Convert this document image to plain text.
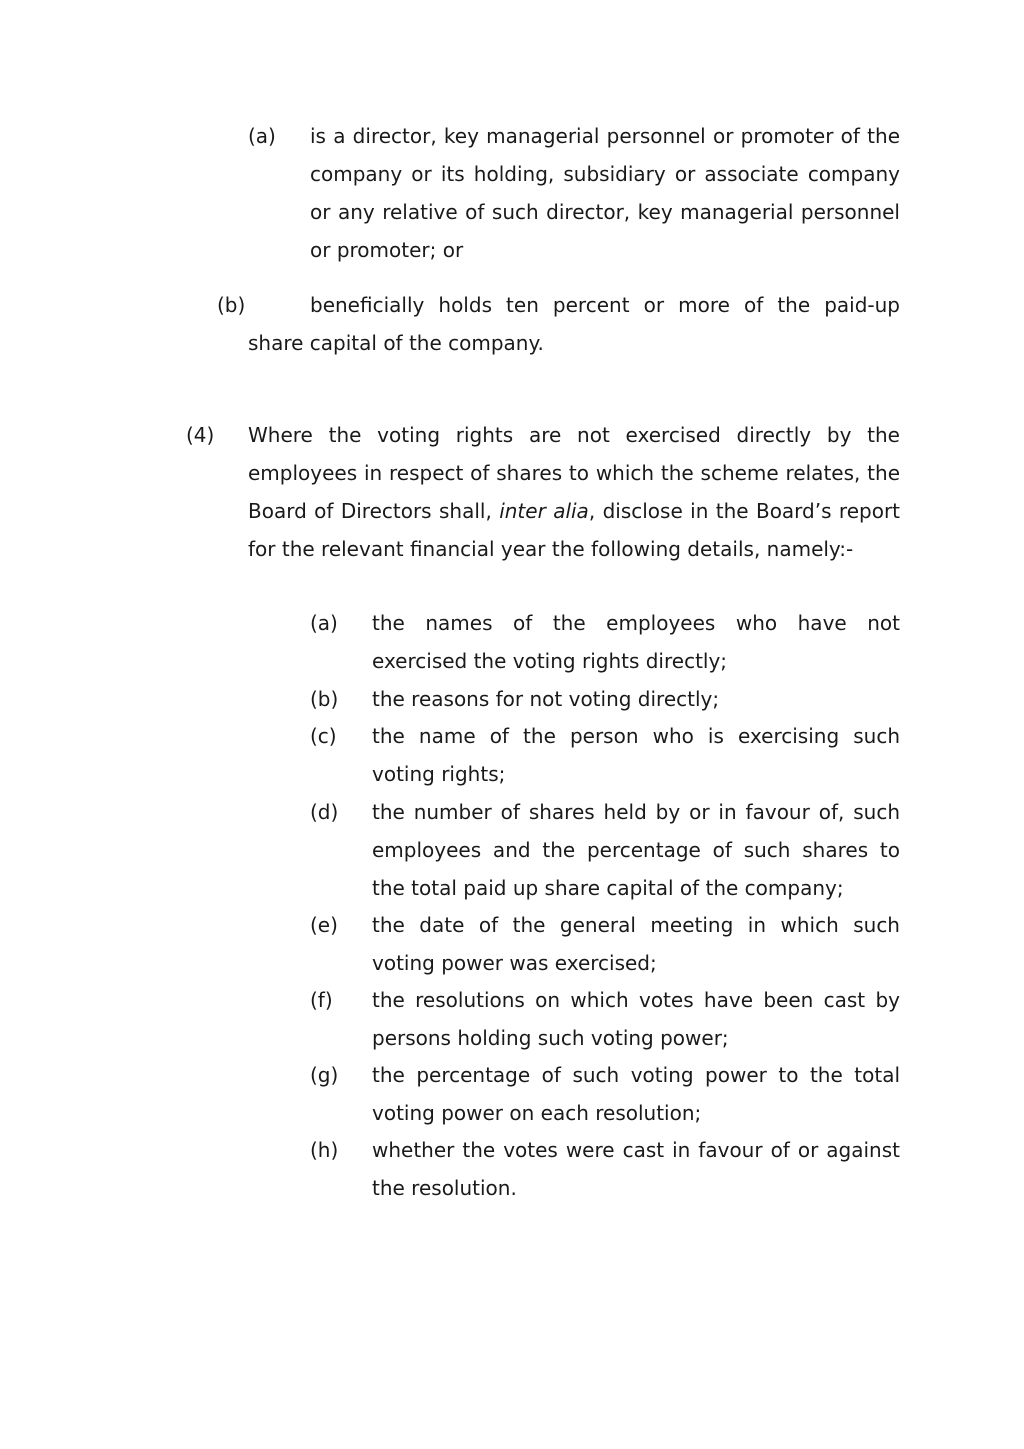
(a) is a director, key managerial personnel or promoter of the company or its holding, subsidiary or associate company or any relative of such director, key managerial personnel or promoter; or

(b)	beneficially holds ten percent or more of the paid-up share capital of the company.

(4) Where the voting rights are not exercised directly by the employees in respect of shares to which the scheme relates, the Board of Directors shall, inter alia, disclose in the Board’s report for the relevant financial year the following details, namely:-

(a) the names of the employees who have not exercised the voting rights directly;

(b) the reasons for not voting directly;

(c) the name of the person who is exercising such voting rights;

(d) the number of shares held by or in favour of, such employees and the percentage of such shares to the total paid up share capital of the company;

(e) the date of the general meeting in which such voting power was exercised;

(f) the resolutions on which votes have been cast by persons holding such voting power;

(g) the percentage of such voting power to the total voting power on each resolution;

(h) whether the votes were cast in favour of or against the resolution.
